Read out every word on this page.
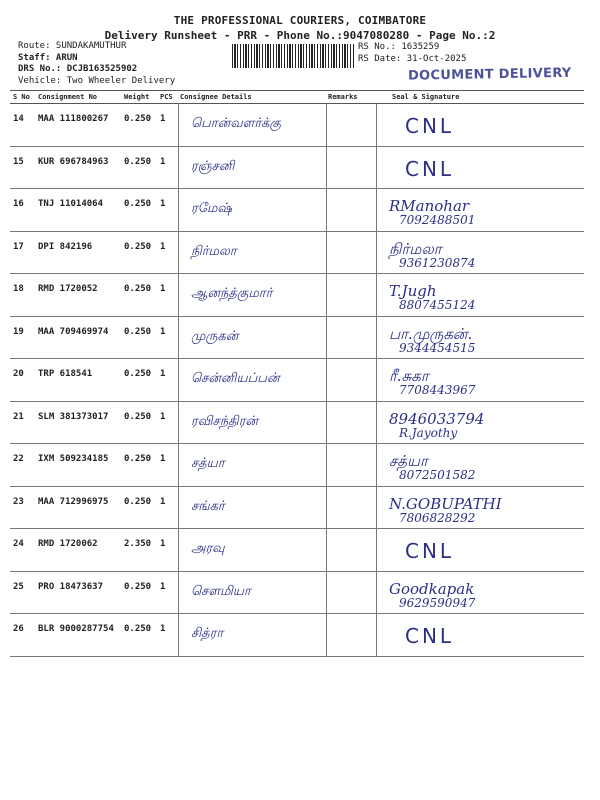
THE PROFESSIONAL COURIERS, COIMBATORE
Delivery Runsheet - PRR - Phone No.:9047080280 - Page No.:2
Route: SUNDAKAMUTHUR
Staff: ARUN
DRS No.: DCJB163525902
Vehicle: Two Wheeler Delivery
RS No.: 1635259
RS Date: 31-Oct-2025
DOCUMENT DELIVERY
S No	Consignment No	Weight	PCS	Consignee Details	Remarks	Seal & Signature
14	MAA 111800267	0.250 1	பொன்வளர்க்கு	CNL
15	KUR 696784963	0.250 1	ரஞ்சனி	CNL
16	TNJ 11014064	0.250 1	ரமேஷ்	RManohar
7092488501
17	DPI 842196	0.250 1	நிர்மலா	நிர்மலா
9361230874
18	RMD 1720052	0.250 1	ஆனந்த்குமார்	T.Jugh
8807455124
19	MAA 709469974	0.250 1	முருகன்	பா.முருகன்.
9344454515
20	TRP 618541	0.250 1	சென்னியப்பன்	ரீ.சுகா
7708443967
21	SLM 381373017	0.250 1	ரவிசந்திரன்	8946033794
R.Jayothy
22	IXM 509234185	0.250 1	சத்யா	சத்யா
8072501582
23	MAA 712996975	0.250 1	சங்கர்	N.GOBUPATHI
7806828292
24	RMD 1720062	2.350 1	அரவு	CNL
25	PRO 18473637	0.250 1	சௌமியா	Goodkapak
9629590947
26	BLR 9000287754	0.250 1	சித்ரா	CNL
